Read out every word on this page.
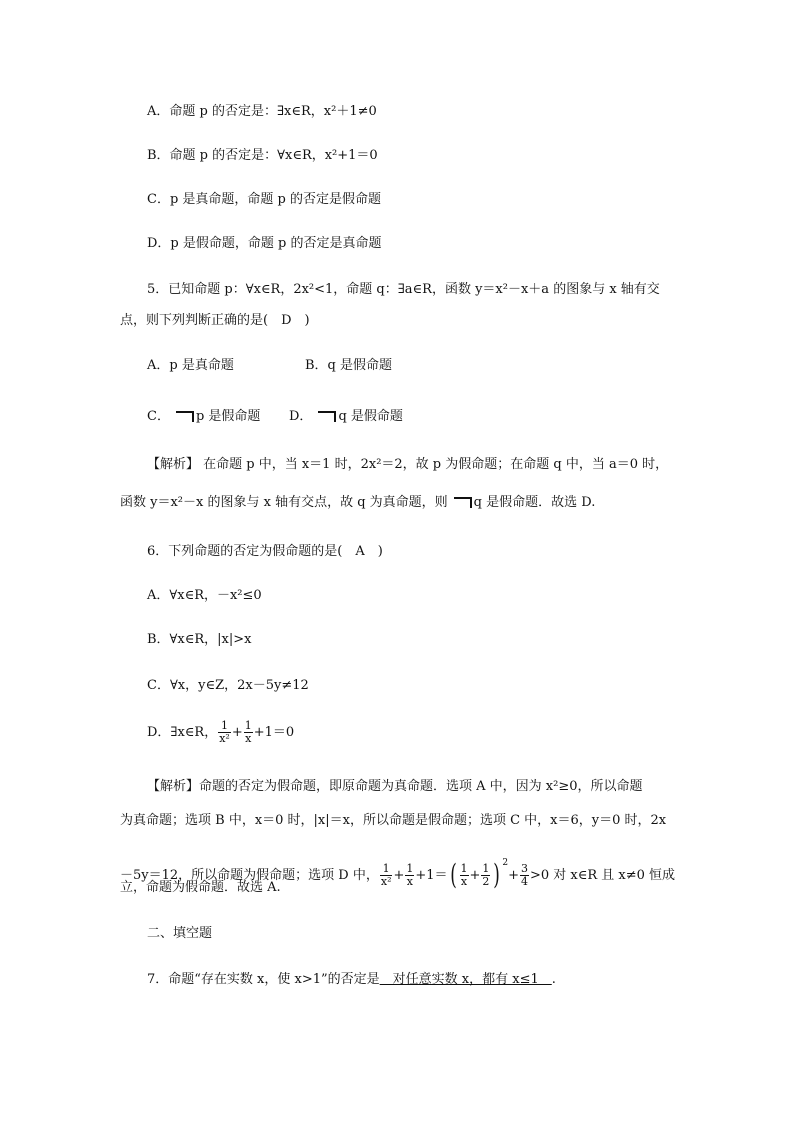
A．命题 p 的否定是：∃x∈R，x²＋1≠0
B．命题 p 的否定是：∀x∈R，x²+1＝0
C．p 是真命题，命题 p 的否定是假命题
D．p 是假命题，命题 p 的否定是真命题
5．已知命题 p：∀x∈R，2x²<1，命题 q：∃a∈R，函数 y＝x²－x＋a 的图象与 x 轴有交
点，则下列判断正确的是(　D　)
A．p 是真命题	B．q 是假命题
C． p 是假命题 D． q 是假命题
【解析】 在命题 p 中，当 x＝1 时，2x²＝2，故 p 为假命题；在命题 q 中，当 a＝0 时，
函数 y＝x²－x 的图象与 x 轴有交点，故 q 为真命题，则 q 是假命题．故选 D.
6．下列命题的否定为假命题的是(　A　)
A．∀x∈R，－x²≤0
B．∀x∈R，|x|>x
C．∀x，y∈Z，2x－5y≠12
D．∃x∈R， $\frac{1}{\text{x²}} + \frac{1}{x} +1=0$
【解析】命题的否定为假命题，即原命题为真命题．选项 A 中，因为 x²≥0，所以命题
为真命题；选项 B 中，x＝0 时，|x|＝x，所以命题是假命题；选项 C 中，x＝6，y＝0 时，2x
－5y＝12，所以命题为假命题；选项 D 中， $\frac{1}{\text{x²}} + \frac{1}{x} +1=( \frac{1}{x} + \frac{1}{2}$ ) $^2+ \frac{3}{4} >0$ 对 x∈R 且 x≠0 恒成
立，命题为假命题．故选 A.
二、填空题
7．命题“存在实数 x，使 x>1”的否定是　对任意实数 x，都有 x≤1　.
